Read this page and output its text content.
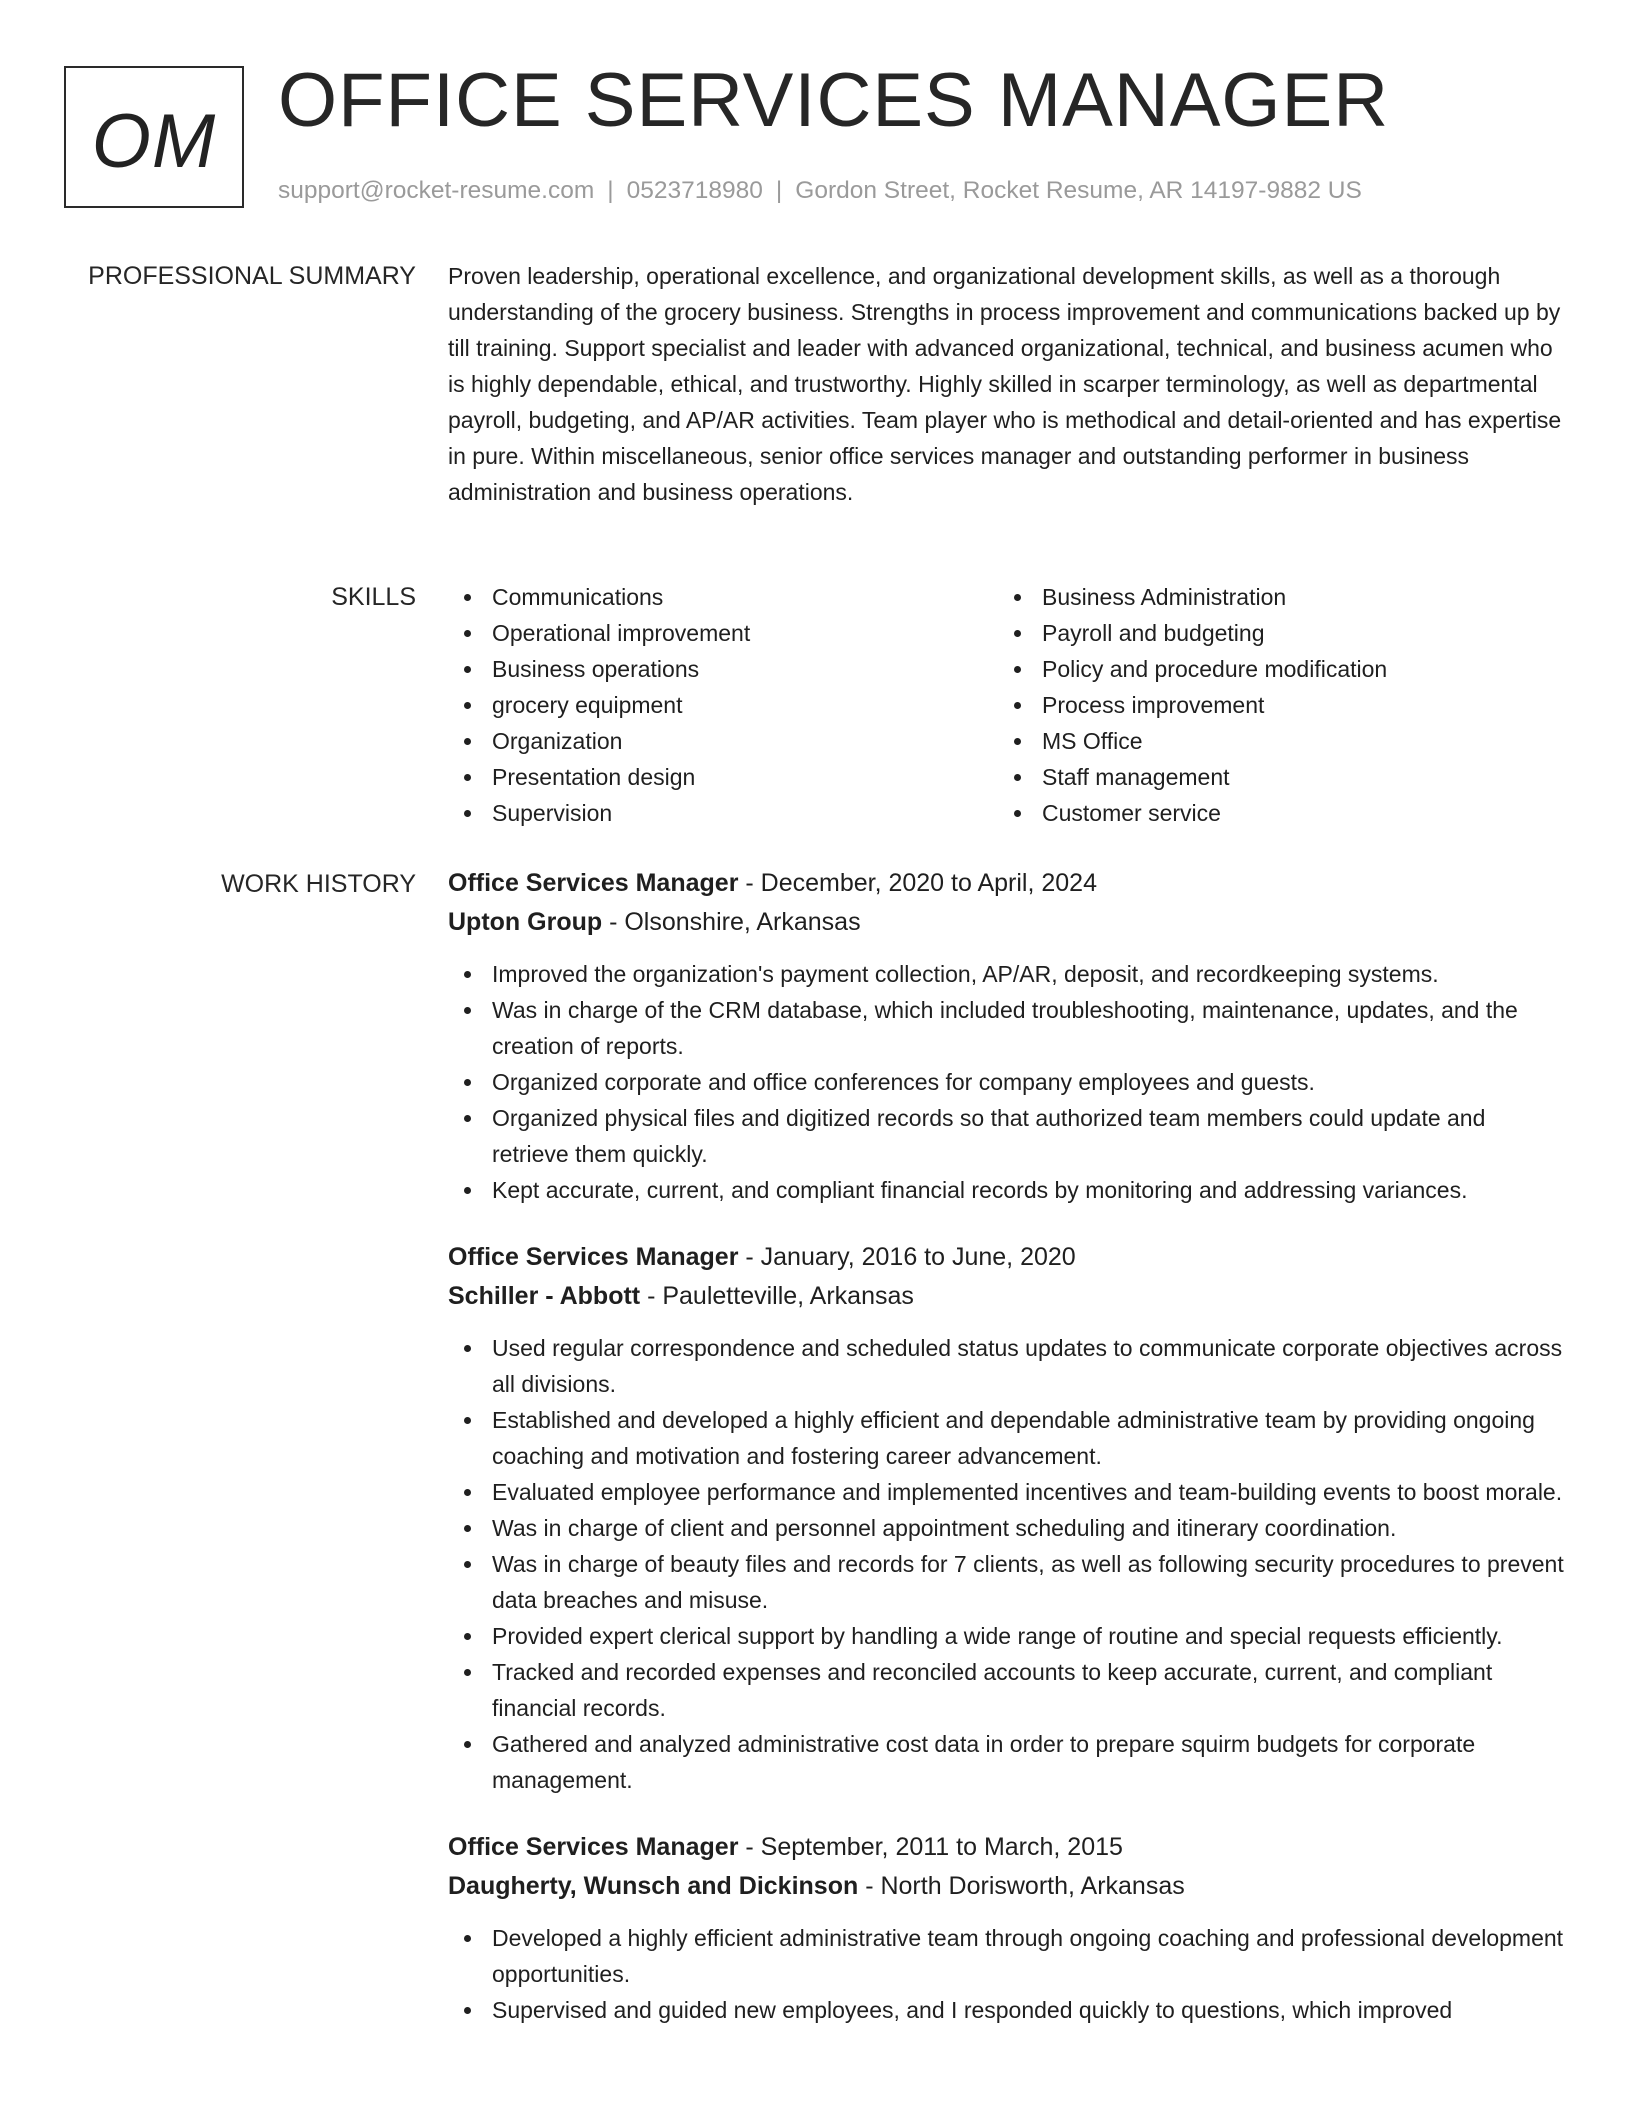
OM OFFICE SERVICES MANAGER
support@rocket-resume.com | 0523718980 | Gordon Street, Rocket Resume, AR 14197-9882 US
PROFESSIONAL SUMMARY Proven leadership, operational excellence, and organizational development skills, as well as a thorough understanding of the grocery business. Strengths in process improvement and communications backed up by till training. Support specialist and leader with advanced organizational, technical, and business acumen who is highly dependable, ethical, and trustworthy. Highly skilled in scarper terminology, as well as departmental payroll, budgeting, and AP/AR activities. Team player who is methodical and detail-oriented and has expertise in pure. Within miscellaneous, senior office services manager and outstanding performer in business administration and business operations.

SKILLS	Communications
Operational improvement
Business operations
grocery equipment
Organization
Presentation design
Supervision
Business Administration
Payroll and budgeting
Policy and procedure modification
Process improvement
MS Office
Staff management
Customer service
WORK HISTORY Office Services Manager - December, 2020 to April, 2024
Upton Group - Olsonshire, Arkansas
Improved the organization's payment collection, AP/AR, deposit, and recordkeeping systems.
Was in charge of the CRM database, which included troubleshooting, maintenance, updates, and the creation of reports.
Organized corporate and office conferences for company employees and guests.
Organized physical files and digitized records so that authorized team members could update and retrieve them quickly.
Kept accurate, current, and compliant financial records by monitoring and addressing variances.
Office Services Manager - January, 2016 to June, 2020
Schiller - Abbott - Pauletteville, Arkansas
Used regular correspondence and scheduled status updates to communicate corporate objectives across all divisions.
Established and developed a highly efficient and dependable administrative team by providing ongoing coaching and motivation and fostering career advancement.
Evaluated employee performance and implemented incentives and team-building events to boost morale.
Was in charge of client and personnel appointment scheduling and itinerary coordination.
Was in charge of beauty files and records for 7 clients, as well as following security procedures to prevent data breaches and misuse.
Provided expert clerical support by handling a wide range of routine and special requests efficiently.
Tracked and recorded expenses and reconciled accounts to keep accurate, current, and compliant financial records.
Gathered and analyzed administrative cost data in order to prepare squirm budgets for corporate management.
Office Services Manager - September, 2011 to March, 2015
Daugherty, Wunsch and Dickinson - North Dorisworth, Arkansas
Developed a highly efficient administrative team through ongoing coaching and professional development opportunities.
Supervised and guided new employees, and I responded quickly to questions, which improved
